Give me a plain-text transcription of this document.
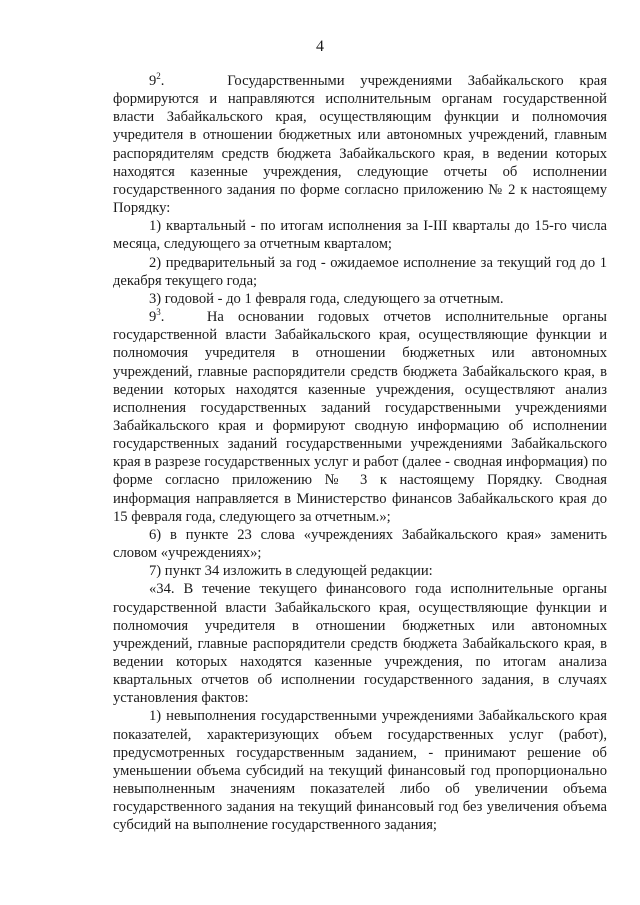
4

$9^2$.    Государственными учреждениями Забайкальского края формируются и направляются исполнительным органам государственной власти Забайкальского края, осуществляющим функции и полномочия учредителя в отношении бюджетных или автономных учреждений, главным распорядителям средств бюджета Забайкальского края, в ведении которых находятся казенные учреждения, следующие отчеты об исполнении государственного задания по форме согласно приложению № 2 к настоящему Порядку:

1) квартальный - по итогам исполнения за I-III кварталы до 15-го числа месяца, следующего за отчетным кварталом;

2) предварительный за год - ожидаемое исполнение за текущий год до 1 декабря текущего года;

3) годовой - до 1 февраля года, следующего за отчетным.

$9^3$.   На основании годовых отчетов исполнительные органы государственной власти Забайкальского края, осуществляющие функции и полномочия учредителя в отношении бюджетных или автономных учреждений, главные распорядители средств бюджета Забайкальского края, в ведении которых находятся казенные учреждения, осуществляют анализ исполнения государственных заданий государственными учреждениями Забайкальского края и формируют сводную информацию об исполнении государственных заданий государственными учреждениями Забайкальского края в разрезе государственных услуг и работ (далее - сводная информация) по форме согласно приложению № 3 к настоящему Порядку. Сводная информация направляется в Министерство финансов Забайкальского края до 15 февраля года, следующего за отчетным.»;

6) в пункте 23 слова «учреждениях Забайкальского края» заменить словом «учреждениях»;

7) пункт 34 изложить в следующей редакции:

«34. В течение текущего финансового года исполнительные органы государственной власти Забайкальского края, осуществляющие функции и полномочия учредителя в отношении бюджетных или автономных учреждений, главные распорядители средств бюджета Забайкальского края, в ведении которых находятся казенные учреждения, по итогам анализа квартальных отчетов об исполнении государственного задания, в случаях установления фактов:

1) невыполнения государственными учреждениями Забайкальского края показателей, характеризующих объем государственных услуг (работ), предусмотренных государственным заданием, - принимают решение об уменьшении объема субсидий на текущий финансовый год пропорционально невыполненным значениям показателей либо об увеличении объема государственного задания на текущий финансовый год без увеличения объема субсидий на выполнение государственного задания;
